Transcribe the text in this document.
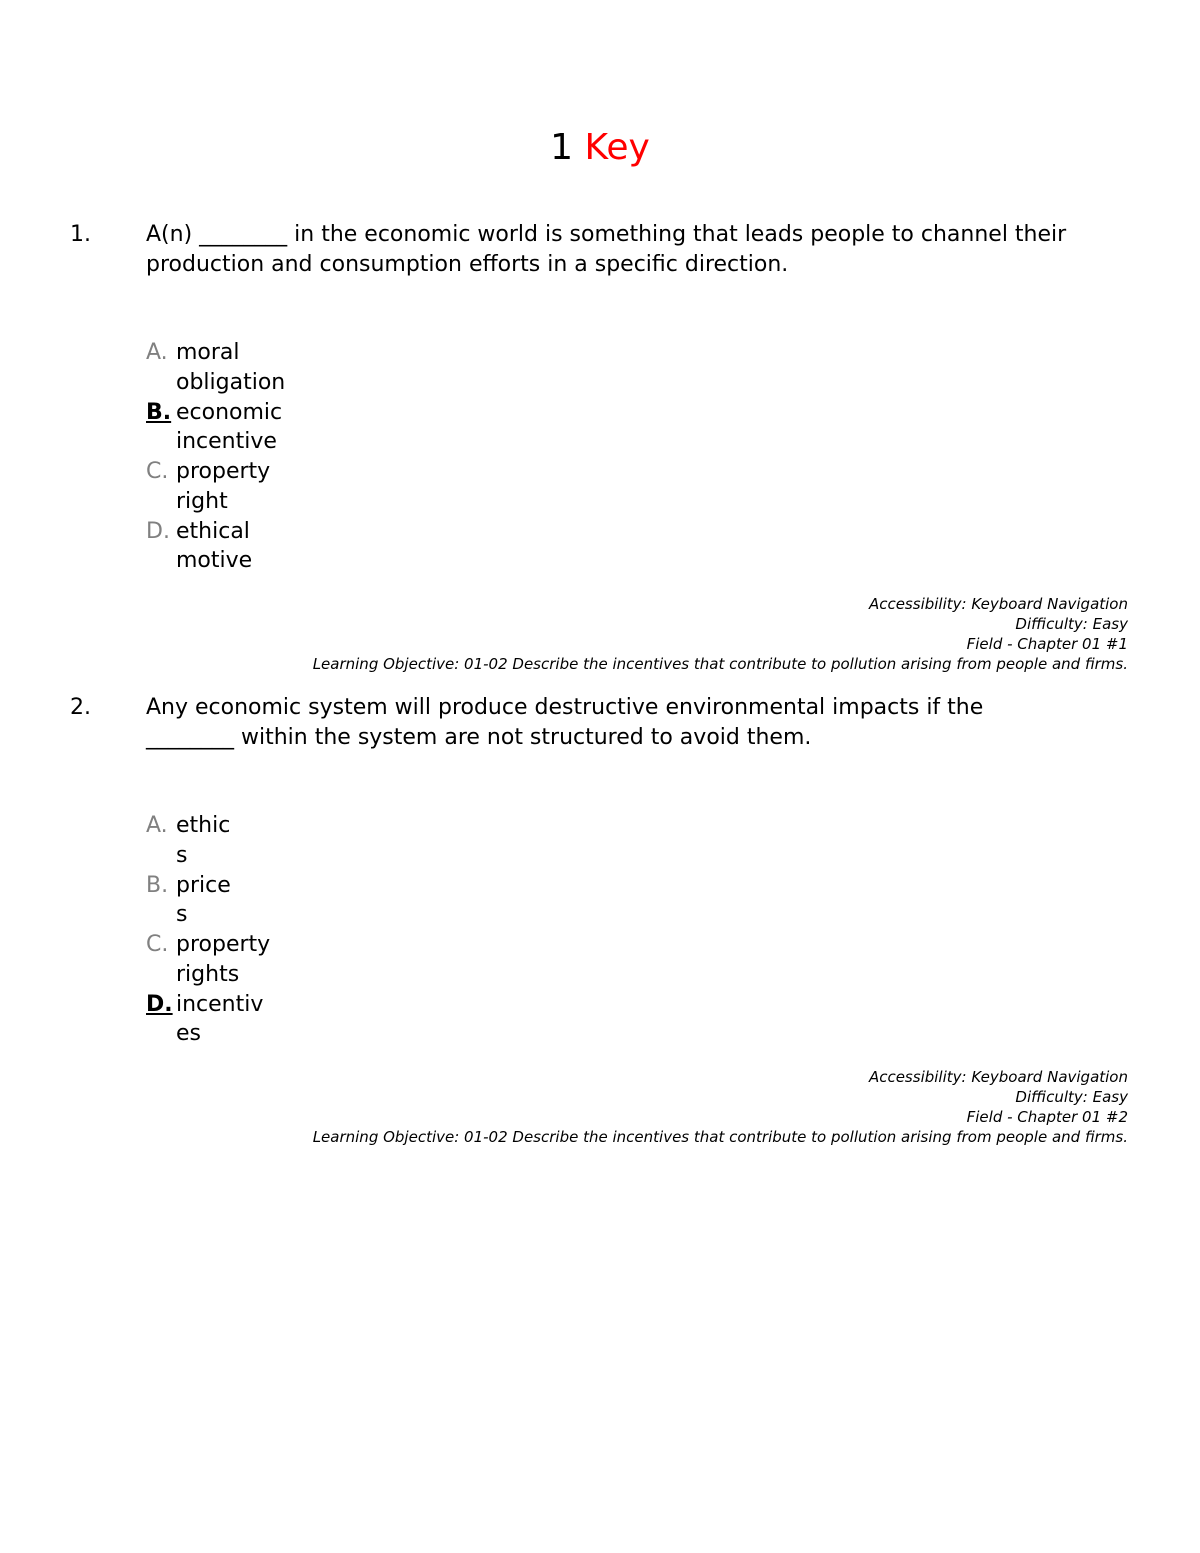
1 Key
1.	A(n) ________ in the economic world is something that leads people to channel their production and consumption efforts in a specific direction.
A. moral obligation
B. economic incentive
C. property right
D. ethical motive
Accessibility: Keyboard Navigation
Difficulty: Easy
Field - Chapter 01 #1
Learning Objective: 01-02 Describe the incentives that contribute to pollution arising from people and firms.
2.	Any economic system will produce destructive environmental impacts if the ________ within the system are not structured to avoid them.
A. ethics
B. prices
C. property rights
D. incentives
Accessibility: Keyboard Navigation
Difficulty: Easy
Field - Chapter 01 #2
Learning Objective: 01-02 Describe the incentives that contribute to pollution arising from people and firms.
